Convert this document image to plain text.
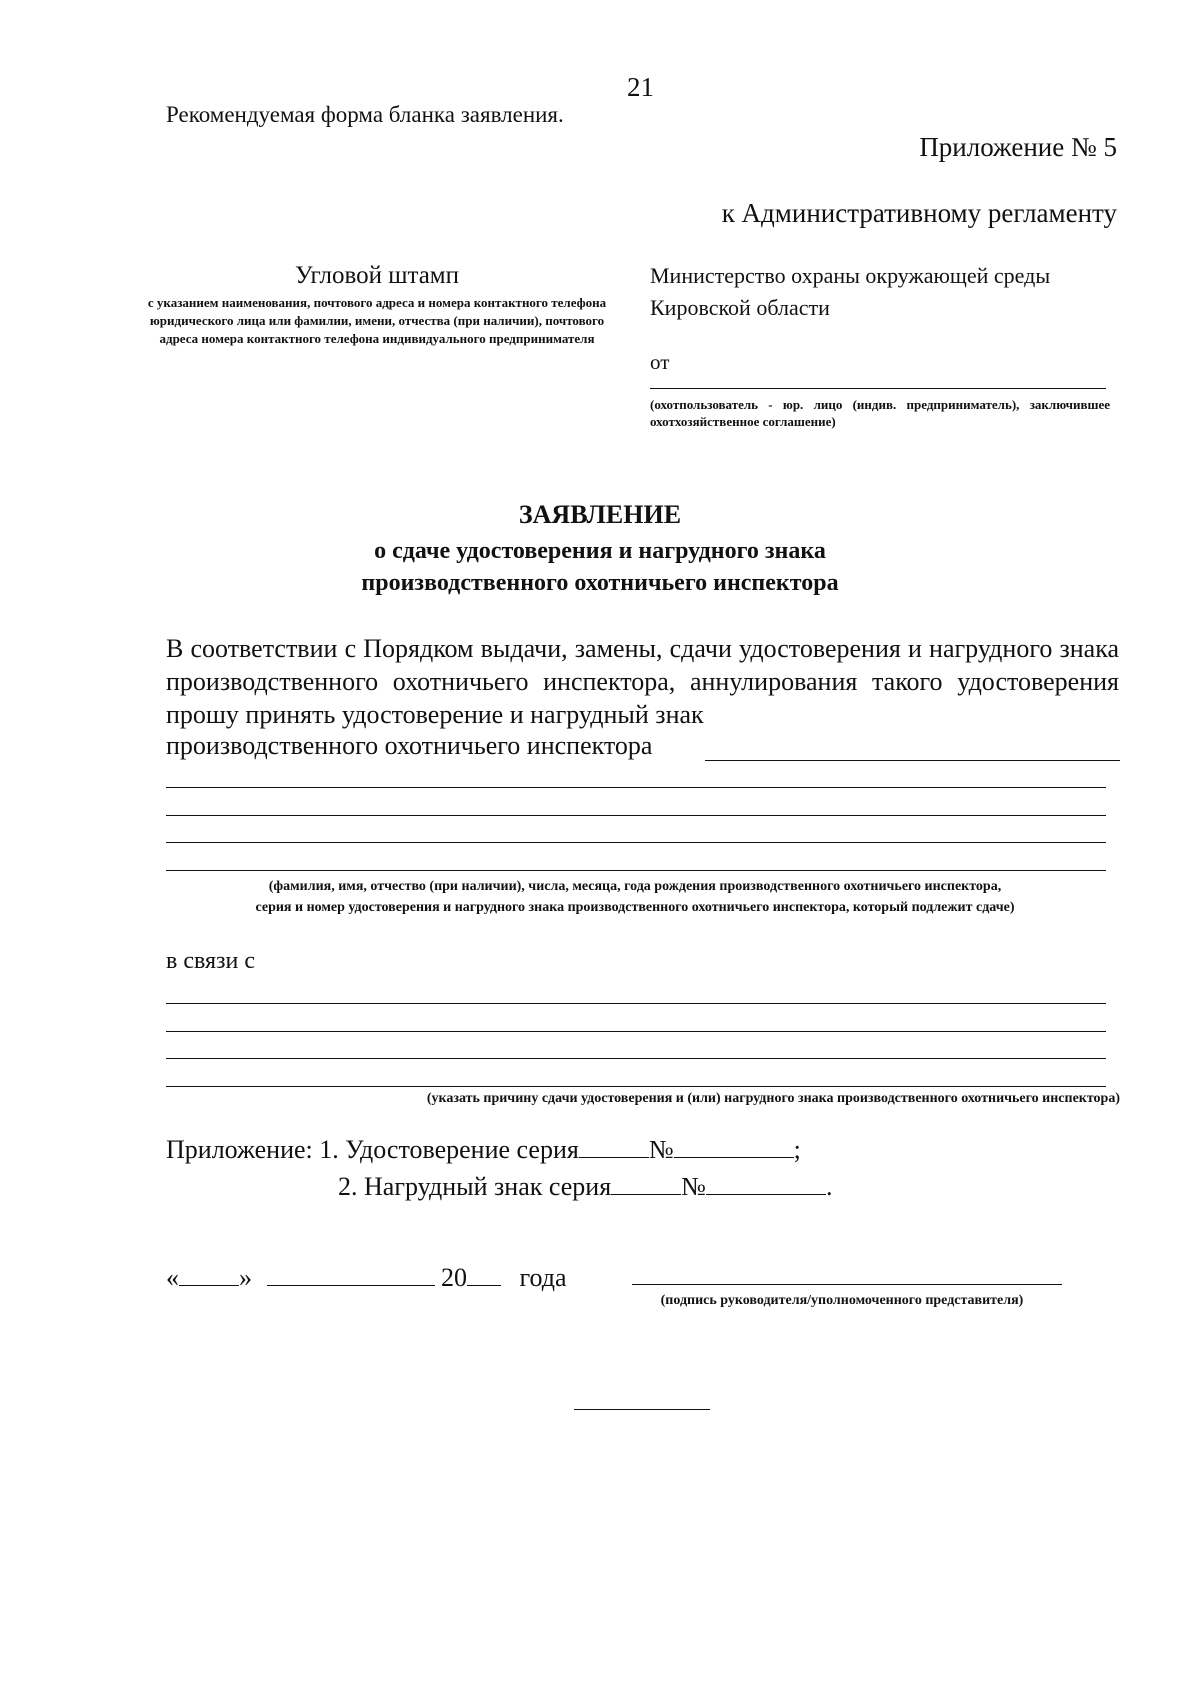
21
Рекомендуемая форма бланка заявления.
Приложение № 5
к Административному регламенту
Угловой штамп
с указанием наименования, почтового адреса и номера контактного телефона юридического лица или фамилии, имени, отчества (при наличии), почтового адреса номера контактного телефона индивидуального предпринимателя
Министерство охраны окружающей среды
Кировской области
от
(охотпользователь - юр. лицо (индив. предприниматель), заключившее охотхозяйственное соглашение)
ЗАЯВЛЕНИЕ
о сдаче удостоверения и нагрудного знака
производственного охотничьего инспектора
В соответствии с Порядком выдачи, замены, сдачи удостоверения и нагрудного знака производственного охотничьего инспектора, аннулирования такого удостоверения прошу принять удостоверение и нагрудный знак
производственного охотничьего инспектора
(фамилия, имя, отчество (при наличии), числа, месяца, года рождения производственного охотничьего инспектора,
серия и номер удостоверения и нагрудного знака производственного охотничьего инспектора, который подлежит сдаче)
в связи с
(указать причину сдачи удостоверения и (или) нагрудного знака производственного охотничьего инспектора)
Приложение: 1. Удостоверение серия	№	;
2. Нагрудный знак серия	№	.
« »	20 года
(подпись руководителя/уполномоченного представителя)
